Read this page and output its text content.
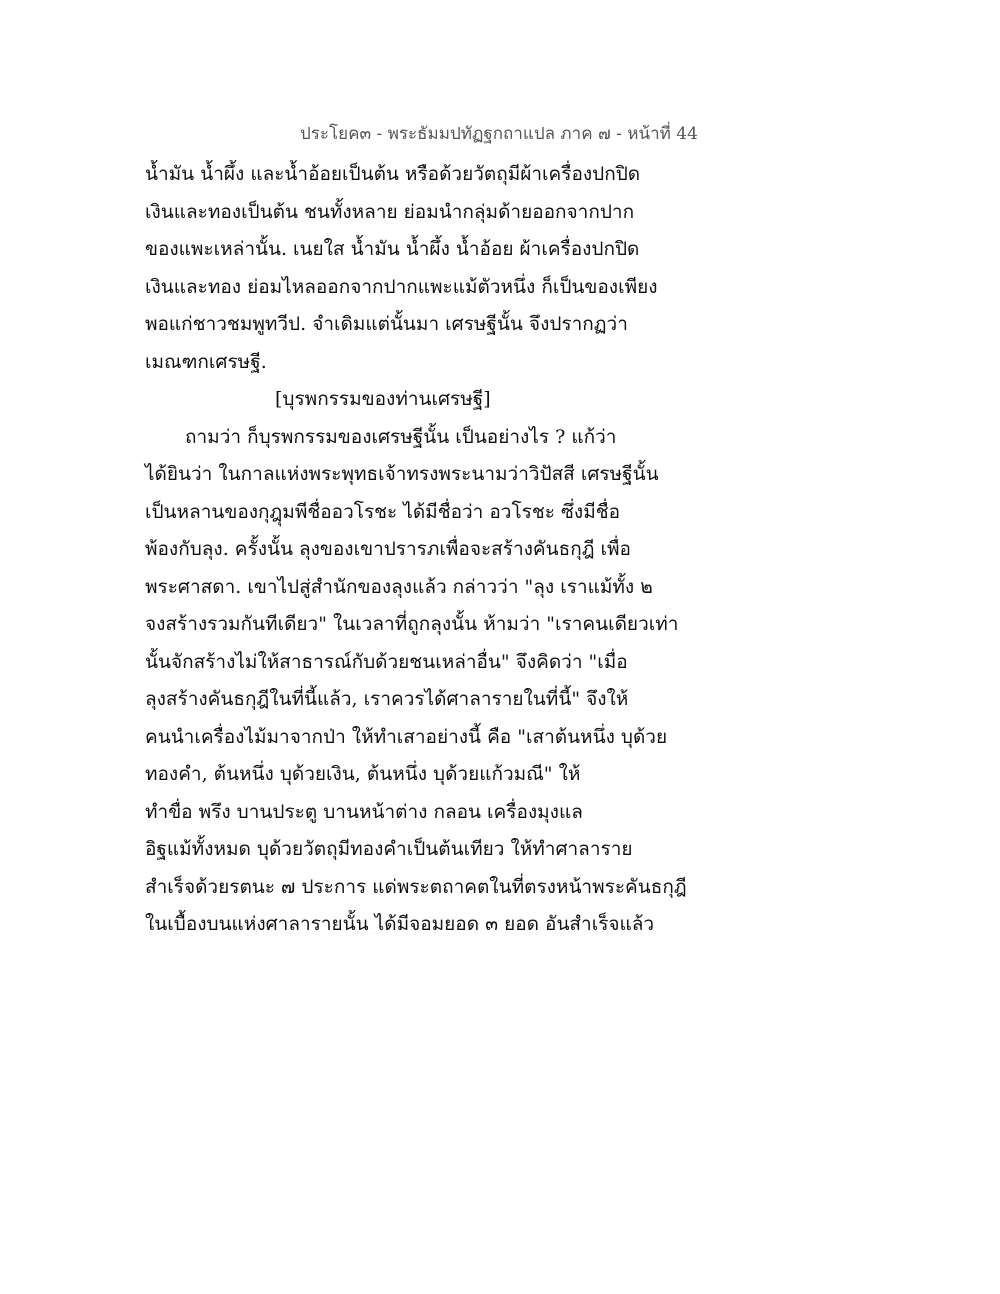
ประโยค๓ - พระธัมมปทัฏฐกถาแปล ภาค ๗ - หน้าที่ 44
น้ำมัน น้ำผึ้ง และน้ำอ้อยเป็นต้น หรือด้วยวัตถุมีผ้าเครื่องปกปิด
เงินและทองเป็นต้น ชนทั้งหลาย ย่อมนำกลุ่มด้ายออกจากปาก
ของแพะเหล่านั้น. เนยใส น้ำมัน น้ำผึ้ง น้ำอ้อย ผ้าเครื่องปกปิด
เงินและทอง ย่อมไหลออกจากปากแพะแม้ตัวหนึ่ง ก็เป็นของเพียง
พอแก่ชาวชมพูทวีป. จำเดิมแต่นั้นมา เศรษฐีนั้น จึงปรากฏว่า
เมณฑกเศรษฐี.
[บุรพกรรมของท่านเศรษฐี]
ถามว่า ก็บุรพกรรมของเศรษฐีนั้น เป็นอย่างไร ? แก้ว่า
ได้ยินว่า ในกาลแห่งพระพุทธเจ้าทรงพระนามว่าวิปัสสี เศรษฐีนั้น
เป็นหลานของกุฎุมพีชื่ออวโรชะ ได้มีชื่อว่า อวโรชะ ซึ่งมีชื่อ
พ้องกับลุง. ครั้งนั้น ลุงของเขาปรารภเพื่อจะสร้างคันธกุฎี เพื่อ
พระศาสดา. เขาไปสู่สำนักของลุงแล้ว กล่าวว่า "ลุง เราแม้ทั้ง ๒
จงสร้างรวมกันทีเดียว" ในเวลาที่ถูกลุงนั้น ห้ามว่า "เราคนเดียวเท่า
นั้นจักสร้างไม่ให้สาธารณ์กับด้วยชนเหล่าอื่น" จึงคิดว่า "เมื่อ
ลุงสร้างคันธกุฎีในที่นี้แล้ว, เราควรได้ศาลารายในที่นี้" จึงให้
คนนำเครื่องไม้มาจากป่า ให้ทำเสาอย่างนี้ คือ "เสาต้นหนึ่ง บุด้วย
ทองคำ, ต้นหนึ่ง บุด้วยเงิน, ต้นหนึ่ง บุด้วยแก้วมณี" ให้
ทำขื่อ พรึง บานประตู บานหน้าต่าง กลอน เครื่องมุงแล
อิฐแม้ทั้งหมด บุด้วยวัตถุมีทองคำเป็นต้นเทียว ให้ทำศาลาราย
สำเร็จด้วยรตนะ ๗ ประการ แด่พระตถาคตในที่ตรงหน้าพระคันธกุฎี
ในเบื้องบนแห่งศาลารายนั้น ได้มีจอมยอด ๓ ยอด อันสำเร็จแล้ว
